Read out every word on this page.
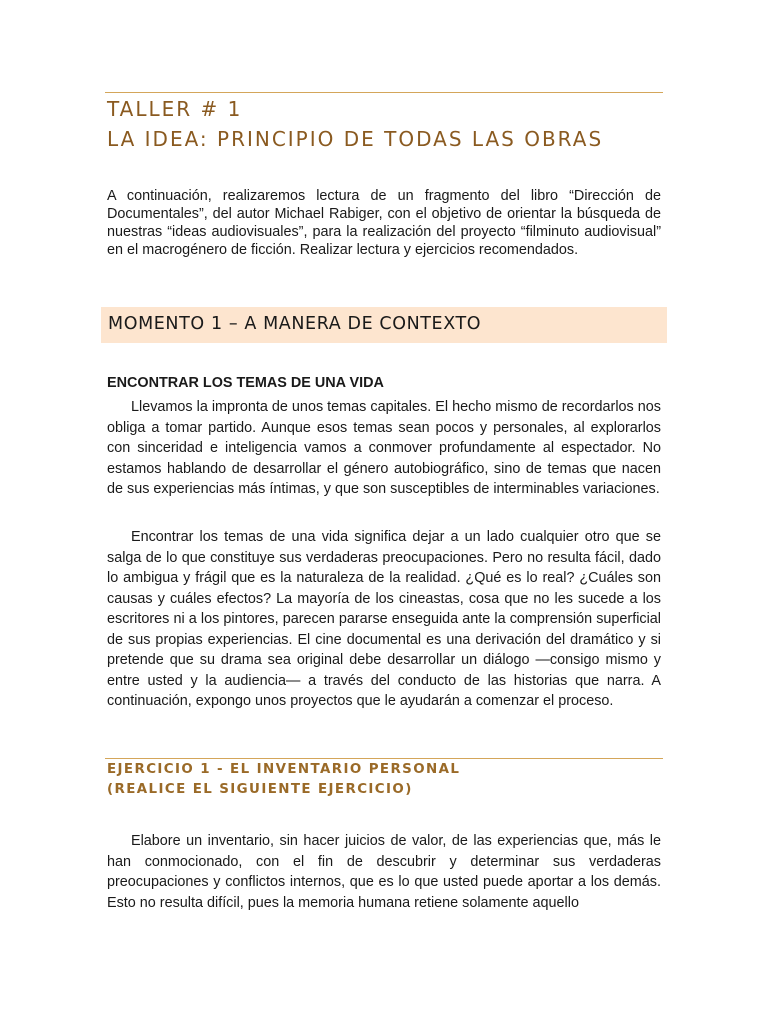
TALLER # 1
LA IDEA: PRINCIPIO DE TODAS LAS OBRAS

A continuación, realizaremos lectura de un fragmento del libro “Dirección de Documentales”, del autor Michael Rabiger, con el objetivo de orientar la búsqueda de nuestras “ideas audiovisuales”, para la realización del proyecto “filminuto audiovisual” en el macrogénero de ficción. Realizar lectura y ejercicios recomendados.

MOMENTO 1 – A MANERA DE CONTEXTO
ENCONTRAR LOS TEMAS DE UNA VIDA

Llevamos la impronta de unos temas capitales. El hecho mismo de recordarlos nos obliga a tomar partido. Aunque esos temas sean pocos y personales, al explorarlos con sinceridad e inteligencia vamos a conmover profundamente al espectador. No estamos hablando de desarrollar el género autobiográfico, sino de temas que nacen de sus experiencias más íntimas, y que son susceptibles de interminables variaciones.

Encontrar los temas de una vida significa dejar a un lado cualquier otro que se salga de lo que constituye sus verdaderas preocupaciones. Pero no resulta fácil, dado lo ambigua y frágil que es la naturaleza de la realidad. ¿Qué es lo real? ¿Cuáles son causas y cuáles efectos? La mayoría de los cineastas, cosa que no les sucede a los escritores ni a los pintores, parecen pararse enseguida ante la comprensión superficial de sus propias experiencias. El cine documental es una derivación del dramático y si pretende que su drama sea original debe desarrollar un diálogo —consigo mismo y entre usted y la audiencia— a través del conducto de las historias que narra. A continuación, expongo unos proyectos que le ayudarán a comenzar el proceso.

EJERCICIO 1 - EL INVENTARIO PERSONAL
(REALICE EL SIGUIENTE EJERCICIO)

Elabore un inventario, sin hacer juicios de valor, de las experiencias que, más le han conmocionado, con el fin de descubrir y determinar sus verdaderas preocupaciones y conflictos internos, que es lo que usted puede aportar a los demás. Esto no resulta difícil, pues la memoria humana retiene solamente aquello
